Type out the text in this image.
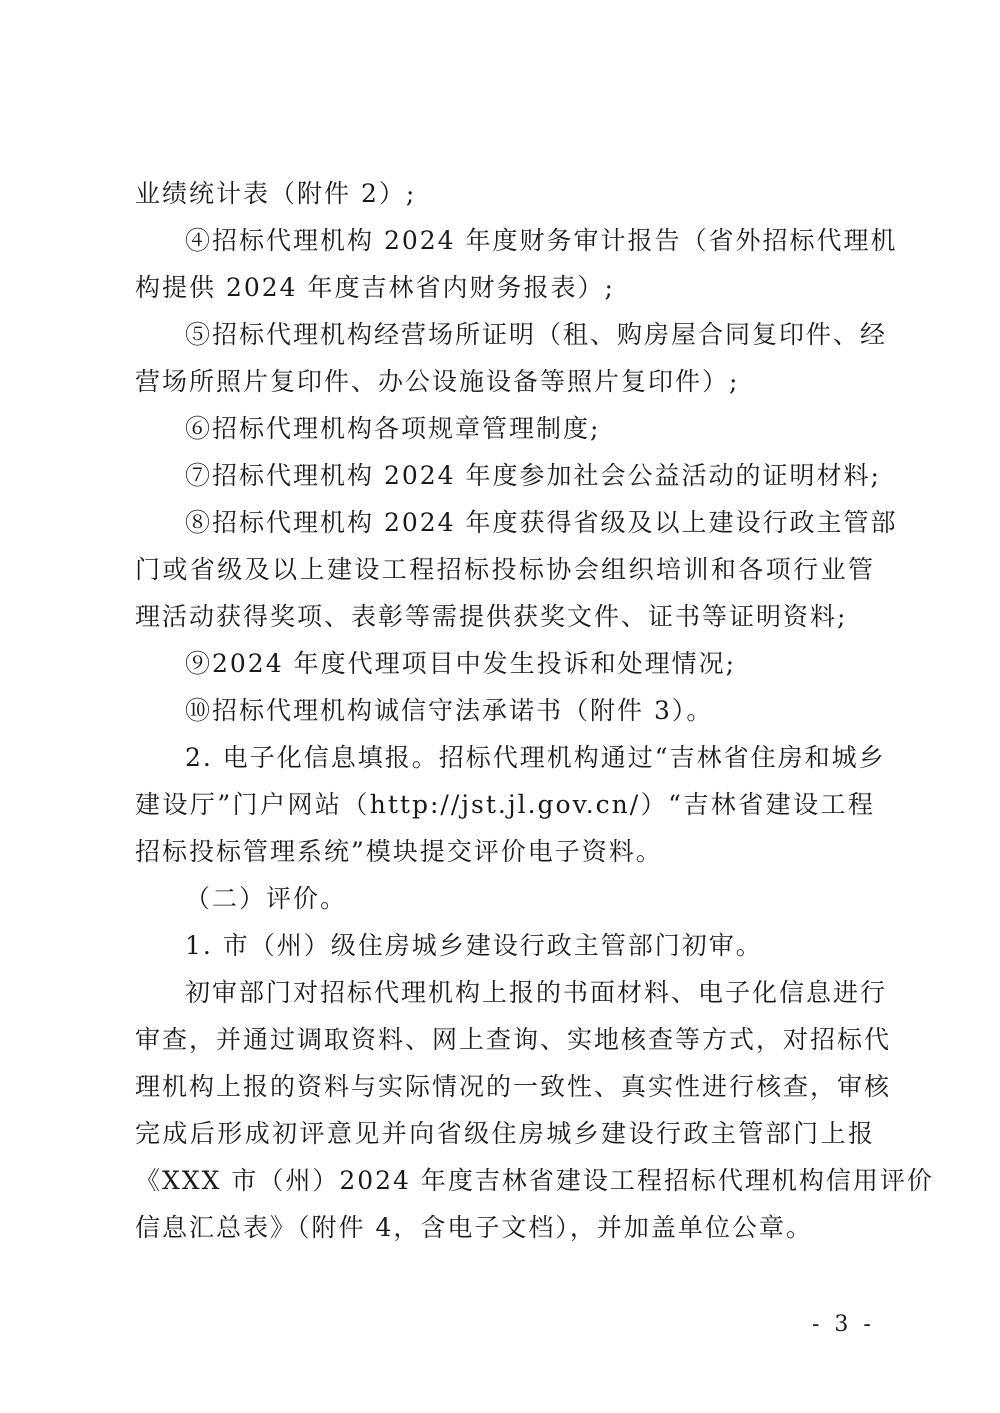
业绩统计表（附件 2）;
④招标代理机构 2024 年度财务审计报告（省外招标代理机
构提供 2024 年度吉林省内财务报表）;
⑤招标代理机构经营场所证明（租、购房屋合同复印件、经
营场所照片复印件、办公设施设备等照片复印件）;
⑥招标代理机构各项规章管理制度;
⑦招标代理机构 2024 年度参加社会公益活动的证明材料;
⑧招标代理机构 2024 年度获得省级及以上建设行政主管部
门或省级及以上建设工程招标投标协会组织培训和各项行业管
理活动获得奖项、表彰等需提供获奖文件、证书等证明资料;
⑨2024 年度代理项目中发生投诉和处理情况;
⑩招标代理机构诚信守法承诺书（附件 3）。
2. 电子化信息填报。招标代理机构通过“吉林省住房和城乡
建设厅”门户网站（http://jst.jl.gov.cn/）“吉林省建设工程
招标投标管理系统”模块提交评价电子资料。
（二）评价。
1. 市（州）级住房城乡建设行政主管部门初审。
初审部门对招标代理机构上报的书面材料、电子化信息进行
审查，并通过调取资料、网上查询、实地核查等方式，对招标代
理机构上报的资料与实际情况的一致性、真实性进行核查，审核
完成后形成初评意见并向省级住房城乡建设行政主管部门上报
《XXX 市（州）2024 年度吉林省建设工程招标代理机构信用评价
信息汇总表》（附件 4，含电子文档），并加盖单位公章。
- 3 -
